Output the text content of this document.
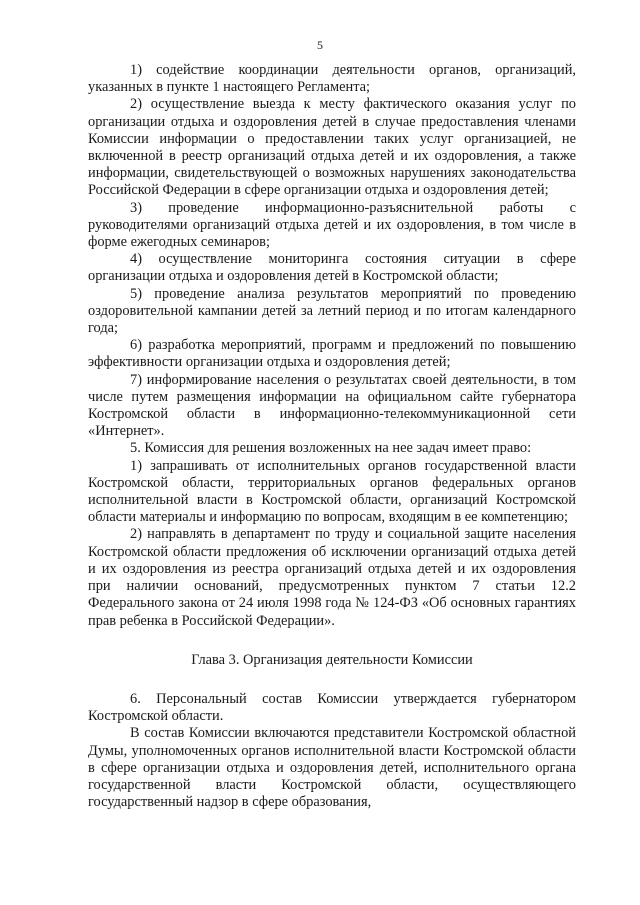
5

1) содействие координации деятельности органов, организаций, указанных в пункте 1 настоящего Регламента;

2) осуществление выезда к месту фактического оказания услуг по организации отдыха и оздоровления детей в случае предоставления членами Комиссии информации о предоставлении таких услуг организацией, не включенной в реестр организаций отдыха детей и их оздоровления, а также информации, свидетельствующей о возможных нарушениях законодательства Российской Федерации в сфере организации отдыха и оздоровления детей;

3) проведение информационно-разъяснительной работы с руководителями организаций отдыха детей и их оздоровления, в том числе в форме ежегодных семинаров;

4) осуществление мониторинга состояния ситуации в сфере организации отдыха и оздоровления детей в Костромской области;

5) проведение анализа результатов мероприятий по проведению оздоровительной кампании детей за летний период и по итогам календарного года;

6) разработка мероприятий, программ и предложений по повышению эффективности организации отдыха и оздоровления детей;

7) информирование населения о результатах своей деятельности, в том числе путем размещения информации на официальном сайте губернатора Костромской области в информационно-телекоммуникационной сети «Интернет».

5. Комиссия для решения возложенных на нее задач имеет право:

1) запрашивать от исполнительных органов государственной власти Костромской области, территориальных органов федеральных органов исполнительной власти в Костромской области, организаций Костромской области материалы и информацию по вопросам, входящим в ее компетенцию;

2) направлять в департамент по труду и социальной защите населения Костромской области предложения об исключении организаций отдыха детей и их оздоровления из реестра организаций отдыха детей и их оздоровления при наличии оснований, предусмотренных пунктом 7 статьи 12.2 Федерального закона от 24 июля 1998 года № 124-ФЗ «Об основных гарантиях прав ребенка в Российской Федерации».

Глава 3. Организация деятельности Комиссии

6. Персональный состав Комиссии утверждается губернатором Костромской области.

В состав Комиссии включаются представители Костромской областной Думы, уполномоченных органов исполнительной власти Костромской области в сфере организации отдыха и оздоровления детей, исполнительного органа государственной власти Костромской области, осуществляющего государственный надзор в сфере образования,
